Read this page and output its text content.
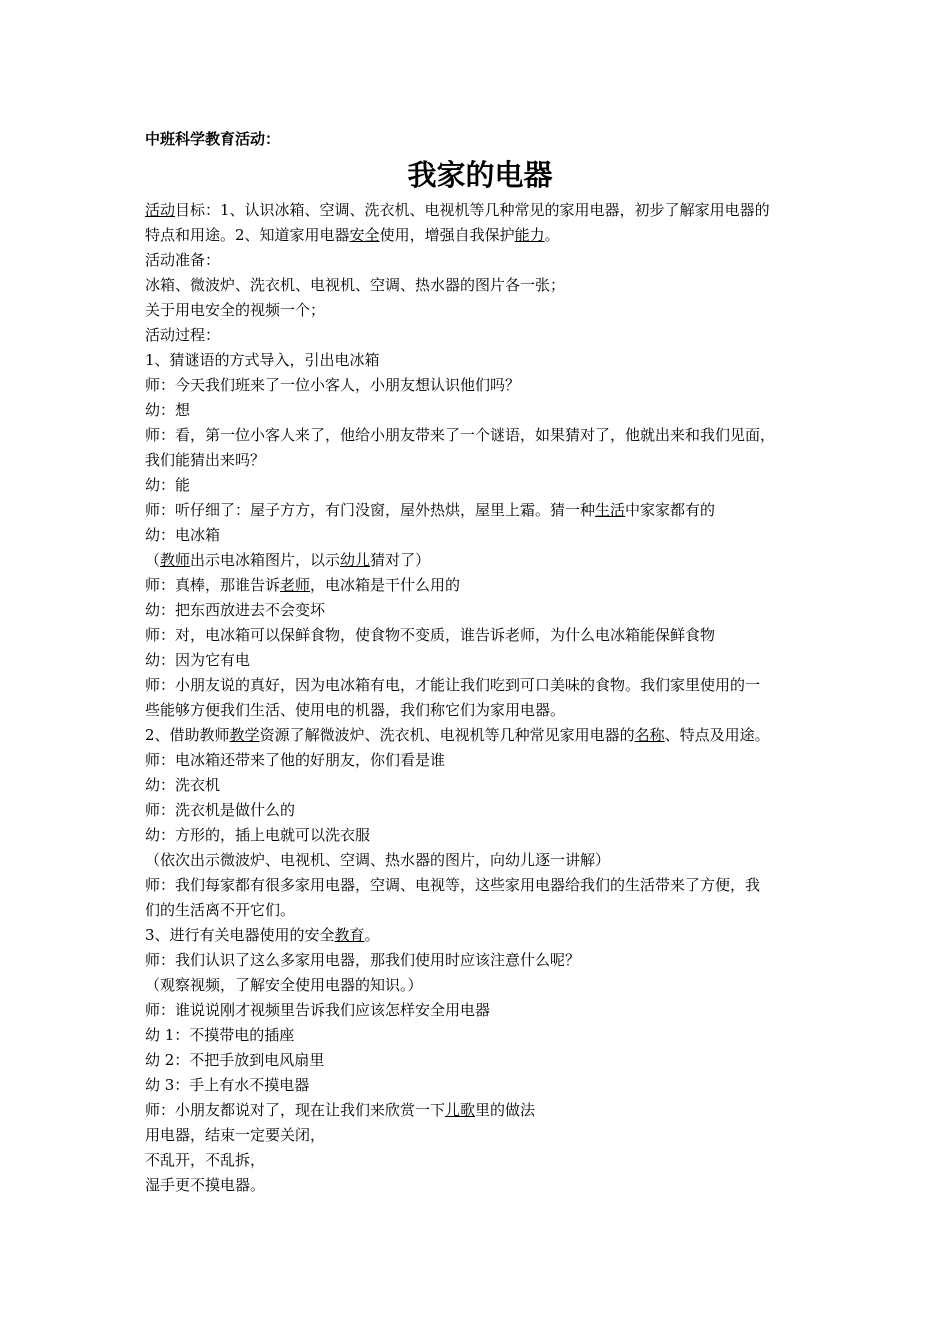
中班科学教育活动：
我家的电器
活动目标：1、认识冰箱、空调、洗衣机、电视机等几种常见的家用电器，初步了解家用电器的
特点和用途。2、知道家用电器安全使用，增强自我保护能力。
活动准备：
冰箱、微波炉、洗衣机、电视机、空调、热水器的图片各一张；
关于用电安全的视频一个；
活动过程：
1、猜谜语的方式导入，引出电冰箱
师：今天我们班来了一位小客人，小朋友想认识他们吗？
幼：想
师：看，第一位小客人来了，他给小朋友带来了一个谜语，如果猜对了，他就出来和我们见面，
我们能猜出来吗？
幼：能
师：听仔细了：屋子方方，有门没窗，屋外热烘，屋里上霜。猜一种生活中家家都有的
幼：电冰箱
（教师出示电冰箱图片，以示幼儿猜对了）
师：真棒，那谁告诉老师，电冰箱是干什么用的
幼：把东西放进去不会变坏
师：对，电冰箱可以保鲜食物，使食物不变质，谁告诉老师，为什么电冰箱能保鲜食物
幼：因为它有电
师：小朋友说的真好，因为电冰箱有电，才能让我们吃到可口美味的食物。我们家里使用的一
些能够方便我们生活、使用电的机器，我们称它们为家用电器。
2、借助教师教学资源了解微波炉、洗衣机、电视机等几种常见家用电器的名称、特点及用途。
师：电冰箱还带来了他的好朋友，你们看是谁
幼：洗衣机
师：洗衣机是做什么的
幼：方形的，插上电就可以洗衣服
（依次出示微波炉、电视机、空调、热水器的图片，向幼儿逐一讲解）
师：我们每家都有很多家用电器，空调、电视等，这些家用电器给我们的生活带来了方便，我
们的生活离不开它们。
3、进行有关电器使用的安全教育。
师：我们认识了这么多家用电器，那我们使用时应该注意什么呢？
（观察视频，了解安全使用电器的知识。）
师：谁说说刚才视频里告诉我们应该怎样安全用电器
幼 1：不摸带电的插座
幼 2：不把手放到电风扇里
幼 3：手上有水不摸电器
师：小朋友都说对了，现在让我们来欣赏一下儿歌里的做法
用电器，结束一定要关闭，
不乱开，不乱拆，
湿手更不摸电器。
